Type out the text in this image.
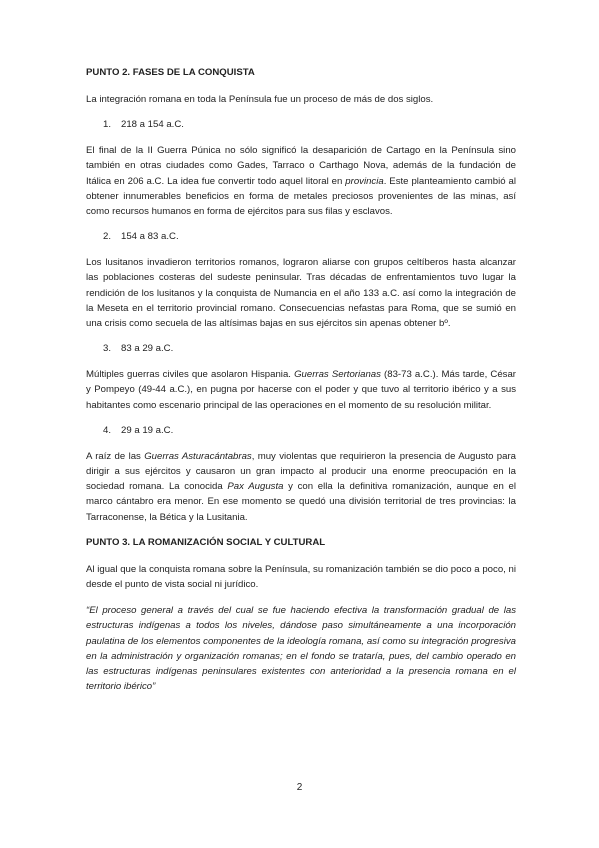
PUNTO 2. FASES DE LA CONQUISTA

La integración romana en toda la Península fue un proceso de más de dos siglos.

1. 218 a 154 a.C.

El final de la II Guerra Púnica no sólo significó la desaparición de Cartago en la Península sino también en otras ciudades como Gades, Tarraco o Carthago Nova, además de la fundación de Itálica en 206 a.C. La idea fue convertir todo aquel litoral en provincia. Este planteamiento cambió al obtener innumerables beneficios en forma de metales preciosos provenientes de las minas, así como recursos humanos en forma de ejércitos para sus filas y esclavos.

2. 154 a 83 a.C.

Los lusitanos invadieron territorios romanos, lograron aliarse con grupos celtíberos hasta alcanzar las poblaciones costeras del sudeste peninsular. Tras décadas de enfrentamientos tuvo lugar la rendición de los lusitanos y la conquista de Numancia en el año 133 a.C. así como la integración de la Meseta en el territorio provincial romano. Consecuencias nefastas para Roma, que se sumió en una crisis como secuela de las altísimas bajas en sus ejércitos sin apenas obtener bº.

3. 83 a 29 a.C.

Múltiples guerras civiles que asolaron Hispania. Guerras Sertorianas (83-73 a.C.). Más tarde, César y Pompeyo (49-44 a.C.), en pugna por hacerse con el poder y que tuvo al territorio ibérico y a sus habitantes como escenario principal de las operaciones en el momento de su resolución militar.

4. 29 a 19 a.C.

A raíz de las Guerras Asturacántabras, muy violentas que requirieron la presencia de Augusto para dirigir a sus ejércitos y causaron un gran impacto al producir una enorme preocupación en la sociedad romana. La conocida Pax Augusta y con ella la definitiva romanización, aunque en el marco cántabro era menor. En ese momento se quedó una división territorial de tres provincias: la Tarraconense, la Bética y la Lusitania.

PUNTO 3. LA ROMANIZACIÓN SOCIAL Y CULTURAL

Al igual que la conquista romana sobre la Península, su romanización también se dio poco a poco, ni desde el punto de vista social ni jurídico.

“El proceso general a través del cual se fue haciendo efectiva la transformación gradual de las estructuras indígenas a todos los niveles, dándose paso simultáneamente a una incorporación paulatina de los elementos componentes de la ideología romana, así como su integración progresiva en la administración y organización romanas; en el fondo se trataría, pues, del cambio operado en las estructuras indígenas peninsulares existentes con anterioridad a la presencia romana en el territorio ibérico”

2
